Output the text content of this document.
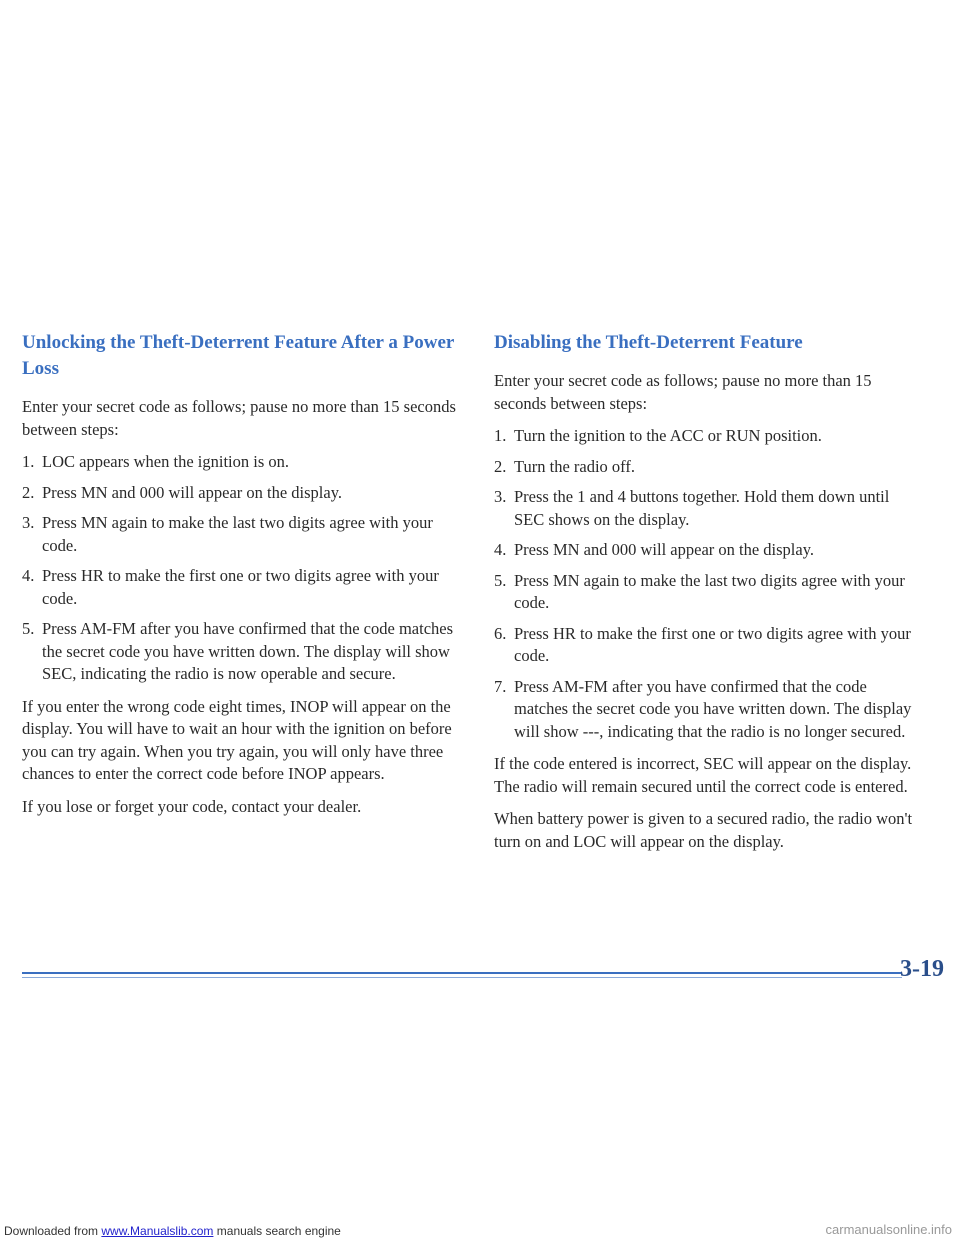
Unlocking the Theft-Deterrent Feature After a Power Loss

Enter your secret code as follows; pause no more than 15 seconds between steps:

1. LOC appears when the ignition is on.
2. Press MN and 000 will appear on the display.
3. Press MN again to make the last two digits agree with your code.
4. Press HR to make the first one or two digits agree with your code.
5. Press AM-FM after you have confirmed that the code matches the secret code you have written down. The display will show SEC, indicating the radio is now operable and secure.

If you enter the wrong code eight times, INOP will appear on the display. You will have to wait an hour with the ignition on before you can try again. When you try again, you will only have three chances to enter the correct code before INOP appears.

If you lose or forget your code, contact your dealer.

Disabling the Theft-Deterrent Feature

Enter your secret code as follows; pause no more than 15 seconds between steps:

1. Turn the ignition to the ACC or RUN position.
2. Turn the radio off.
3. Press the 1 and 4 buttons together. Hold them down until SEC shows on the display.
4. Press MN and 000 will appear on the display.
5. Press MN again to make the last two digits agree with your code.
6. Press HR to make the first one or two digits agree with your code.
7. Press AM-FM after you have confirmed that the code matches the secret code you have written down. The display will show ---, indicating that the radio is no longer secured.

If the code entered is incorrect, SEC will appear on the display. The radio will remain secured until the correct code is entered.

When battery power is given to a secured radio, the radio won't turn on and LOC will appear on the display.

3-19
Downloaded from www.Manualslib.com manuals search engine	carmanualsonline.info
